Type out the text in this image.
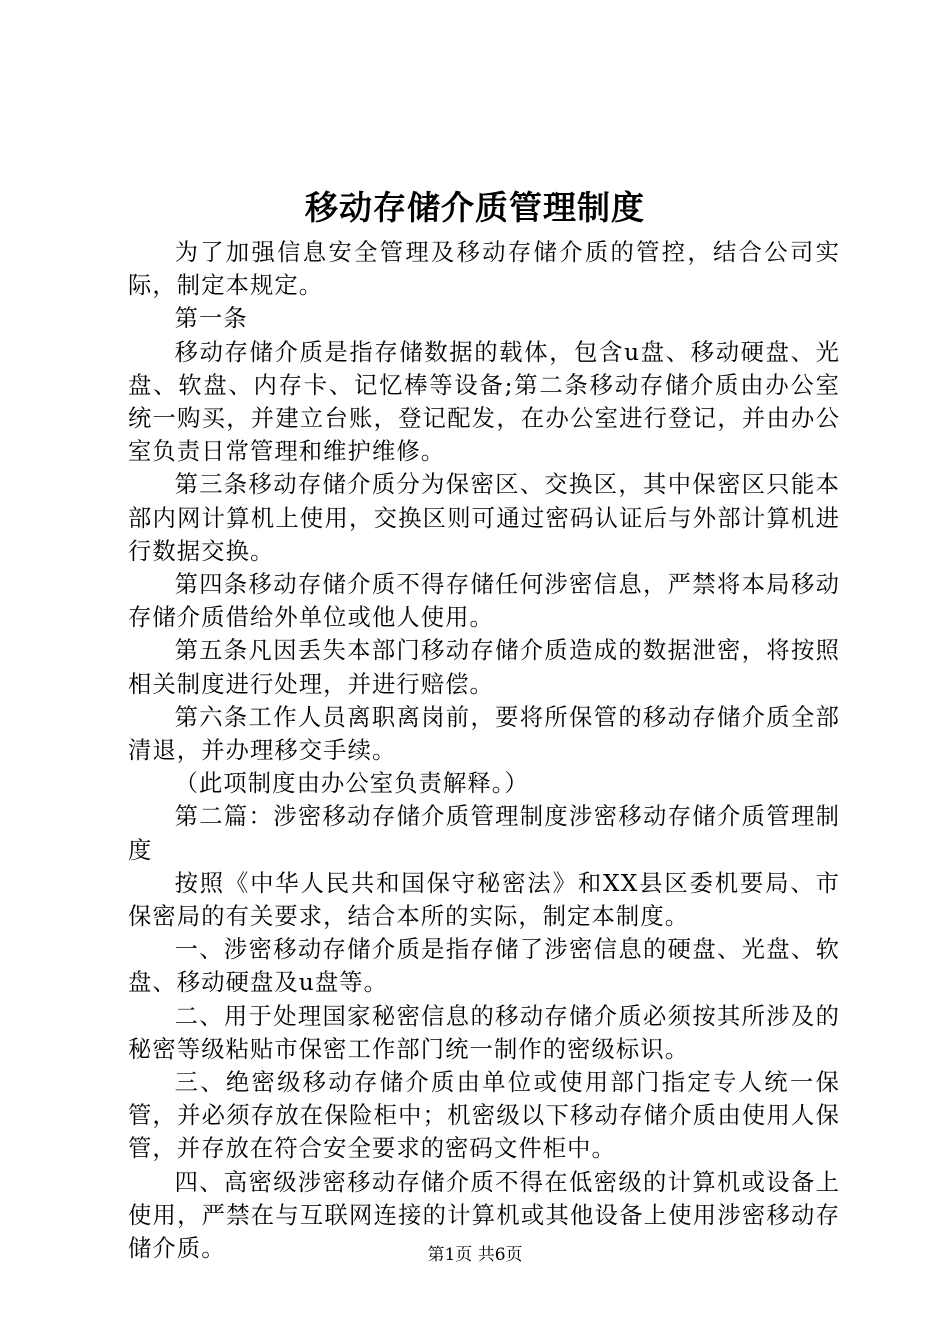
移动存储介质管理制度

为了加强信息安全管理及移动存储介质的管控，结合公司实际，制定本规定。

第一条

移动存储介质是指存储数据的载体，包含u盘、移动硬盘、光盘、软盘、内存卡、记忆棒等设备;第二条移动存储介质由办公室统一购买，并建立台账，登记配发，在办公室进行登记，并由办公室负责日常管理和维护维修。

第三条移动存储介质分为保密区、交换区，其中保密区只能本部内网计算机上使用，交换区则可通过密码认证后与外部计算机进行数据交换。

第四条移动存储介质不得存储任何涉密信息，严禁将本局移动存储介质借给外单位或他人使用。

第五条凡因丢失本部门移动存储介质造成的数据泄密，将按照相关制度进行处理，并进行赔偿。

第六条工作人员离职离岗前，要将所保管的移动存储介质全部清退，并办理移交手续。

（此项制度由办公室负责解释。）

第二篇：涉密移动存储介质管理制度涉密移动存储介质管理制度

按照《中华人民共和国保守秘密法》和XX县区委机要局、市保密局的有关要求，结合本所的实际，制定本制度。

一、涉密移动存储介质是指存储了涉密信息的硬盘、光盘、软盘、移动硬盘及u盘等。

二、用于处理国家秘密信息的移动存储介质必须按其所涉及的秘密等级粘贴市保密工作部门统一制作的密级标识。

三、绝密级移动存储介质由单位或使用部门指定专人统一保管，并必须存放在保险柜中；机密级以下移动存储介质由使用人保管，并存放在符合安全要求的密码文件柜中。

四、高密级涉密移动存储介质不得在低密级的计算机或设备上使用，严禁在与互联网连接的计算机或其他设备上使用涉密移动存储介质。	第1页 共6页
